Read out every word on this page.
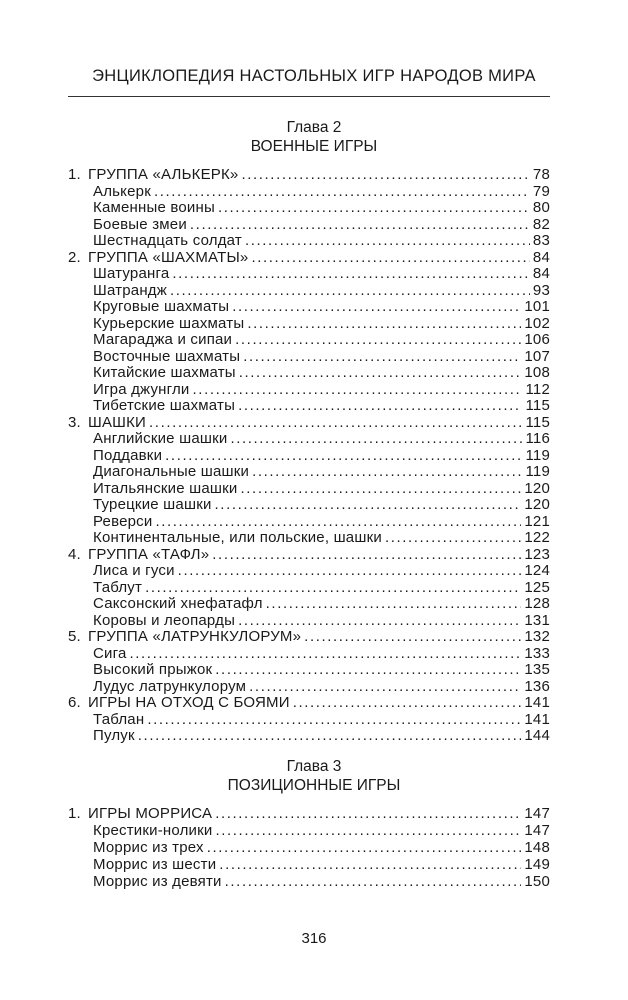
ЭНЦИКЛОПЕДИЯ НАСТОЛЬНЫХ ИГР НАРОДОВ МИРА
Глава 2
ВОЕННЫЕ ИГРЫ
1. ГРУППА «АЛЬКЕРК» .....	78
Алькерк .....	79
Каменные воины .....	80
Боевые змеи .....	82
Шестнадцать солдат .....	83
2. ГРУППА «ШАХМАТЫ» .....	84
Шатуранга .....	84
Шатрандж .....	93
Круговые шахматы .....	101
Курьерские шахматы .....	102
Магараджа и сипаи .....	106
Восточные шахматы .....	107
Китайские шахматы .....	108
Игра джунгли .....	112
Тибетские шахматы .....	115
3. ШАШКИ .....	115
Английские шашки .....	116
Поддавки .....	119
Диагональные шашки .....	119
Итальянские шашки .....	120
Турецкие шашки .....	120
Реверси .....	121
Континентальные, или польские, шашки .....	122
4. ГРУППА «ТАФЛ» .....	123
Лиса и гуси .....	124
Таблут .....	125
Саксонский хнефатафл .....	128
Коровы и леопарды .....	131
5. ГРУППА «ЛАТРУНКУЛОРУМ» .....	132
Сига .....	133
Высокий прыжок .....	135
Лудус латрункулорум .....	136
6. ИГРЫ НА ОТХОД С БОЯМИ .....	141
Таблан .....	141
Пулук .....	144
Глава 3
ПОЗИЦИОННЫЕ ИГРЫ
1. ИГРЫ МОРРИСА .....	147
Крестики-нолики .....	147
Моррис из трех .....	148
Моррис из шести .....	149
Моррис из девяти .....	150
316
